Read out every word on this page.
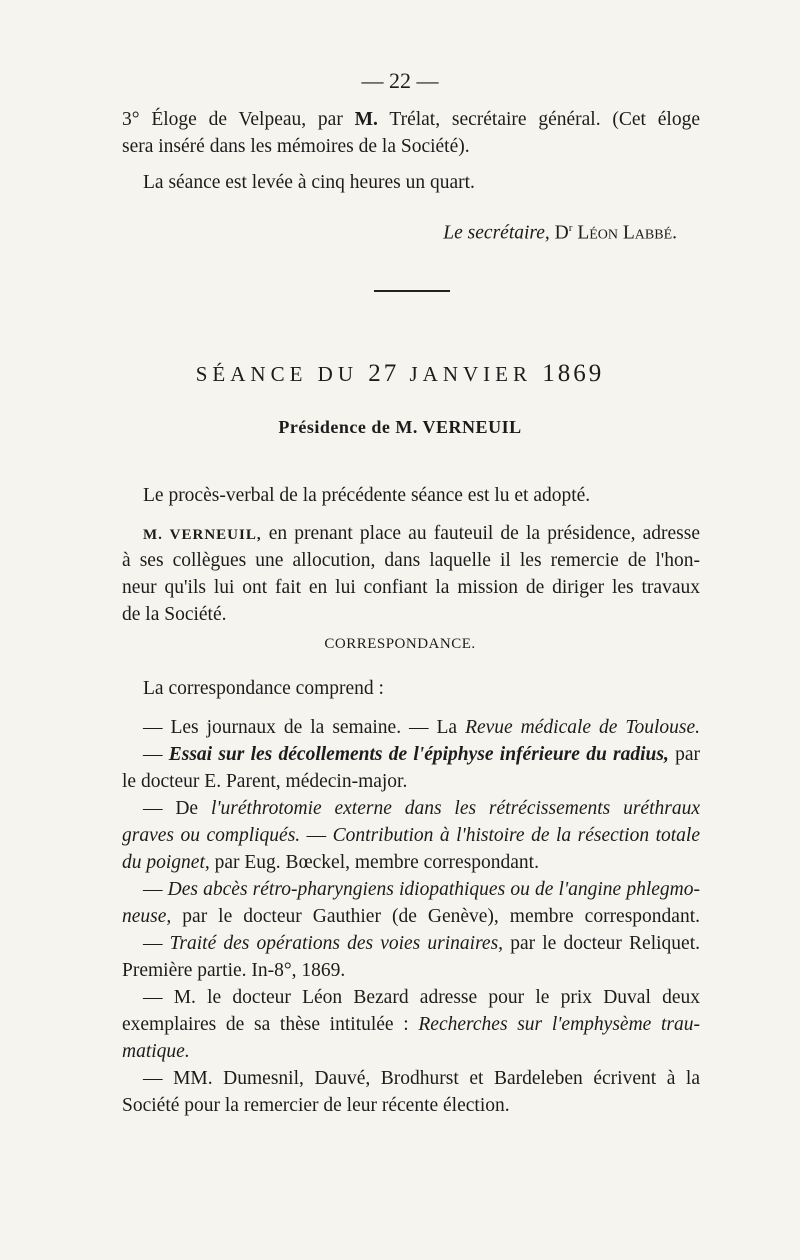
— 22 —
3° Éloge de Velpeau, par M. Trélat, secrétaire général. (Cet éloge
sera inséré dans les mémoires de la Société).
La séance est levée à cinq heures un quart.
Le secrétaire, $D^r$ Léon Labbé.
SÉANCE DU 27 JANVIER 1869
Présidence de M. VERNEUIL
Le procès-verbal de la précédente séance est lu et adopté.
M. VERNEUIL, en prenant place au fauteuil de la présidence, adresse
à ses collègues une allocution, dans laquelle il les remercie de l'hon-
neur qu'ils lui ont fait en lui confiant la mission de diriger les travaux
de la Société.
CORRESPONDANCE.
La correspondance comprend :
— Les journaux de la semaine. — La Revue médicale de Toulouse.
— Essai sur les décollements de l'épiphyse inférieure du radius, par
le docteur E. Parent, médecin-major.
— De l'uréthrotomie externe dans les rétrécissements uréthraux
graves ou compliqués. — Contribution à l'histoire de la résection totale
du poignet, par Eug. Bœckel, membre correspondant.
— Des abcès rétro-pharyngiens idiopathiques ou de l'angine phlegmo-
neuse, par le docteur Gauthier (de Genève), membre correspondant.
— Traité des opérations des voies urinaires, par le docteur Reliquet.
Première partie. In-8°, 1869.
— M. le docteur Léon Bezard adresse pour le prix Duval deux
exemplaires de sa thèse intitulée : Recherches sur l'emphysème trau-
matique.
— MM. Dumesnil, Dauvé, Brodhurst et Bardeleben écrivent à la
Société pour la remercier de leur récente élection.
